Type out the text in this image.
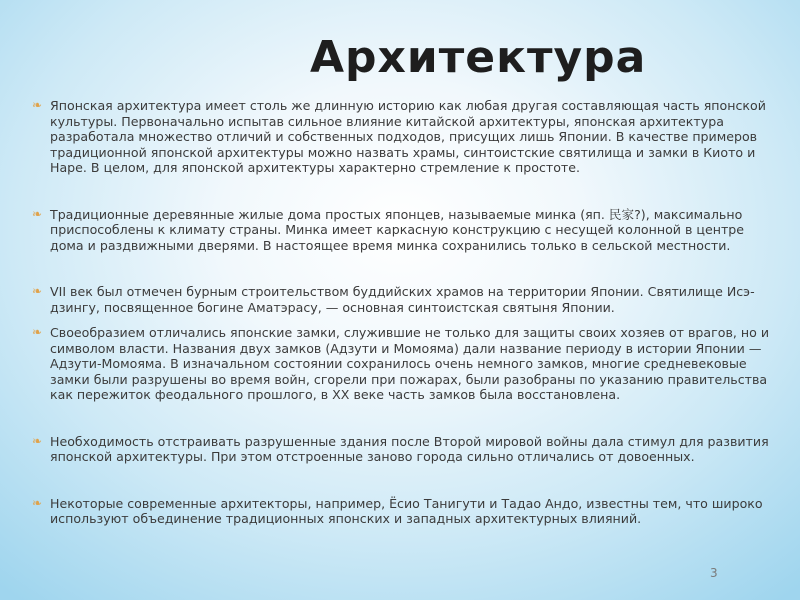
Архитектура
❧ Японская архитектура имеет столь же длинную историю как любая другая составляющая часть японской культуры. Первоначально испытав сильное влияние китайской архитектуры, японская архитектура разработала множество отличий и собственных подходов, присущих лишь Японии. В качестве примеров традиционной японской архитектуры можно назвать храмы, синтоистские святилища и замки в Киото и Наре. В целом, для японской архитектуры характерно стремление к простоте.
❧ Традиционные деревянные жилые дома простых японцев, называемые минка (яп. 民家?), максимально приспособлены к климату страны. Минка имеет каркасную конструкцию с несущей колонной в центре дома и раздвижными дверями. В настоящее время минка сохранились только в сельской местности.
❧ VII век был отмечен бурным строительством буддийских храмов на территории Японии. Святилище Исэ-дзингу, посвященное богине Аматэрасу, — основная синтоистская святыня Японии.
❧ Своеобразием отличались японские замки, служившие не только для защиты своих хозяев от врагов, но и символом власти. Названия двух замков (Адзути и Момояма) дали название периоду в истории Японии — Адзути-Момояма. В изначальном состоянии сохранилось очень немного замков, многие средневековые замки были разрушены во время войн, сгорели при пожарах, были разобраны по указанию правительства как пережиток феодального прошлого, в XX веке часть замков была восстановлена.
❧ Необходимость отстраивать разрушенные здания после Второй мировой войны дала стимул для развития японской архитектуры. При этом отстроенные заново города сильно отличались от довоенных.
❧ Некоторые современные архитекторы, например, Ёсио Танигути и Тадао Андо, известны тем, что широко используют объединение традиционных японских и западных архитектурных влияний.
3
